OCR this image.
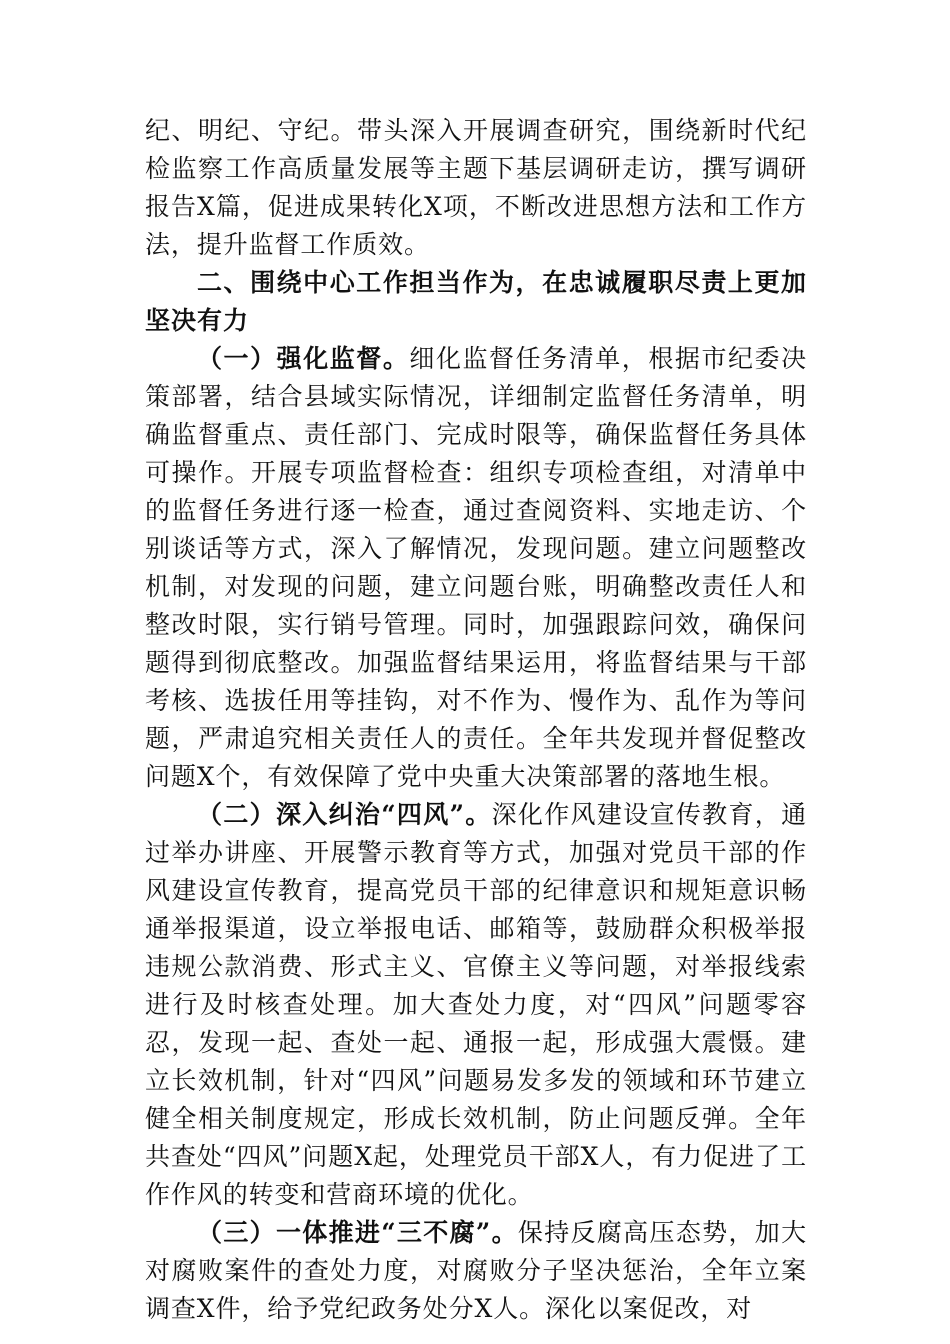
纪、明纪、守纪。带头深入开展调查研究，围绕新时代纪检监察工作高质量发展等主题下基层调研走访，撰写调研报告X篇，促进成果转化X项，不断改进思想方法和工作方法，提升监督工作质效。

二、围绕中心工作担当作为，在忠诚履职尽责上更加坚决有力

（一）强化监督。细化监督任务清单，根据市纪委决策部署，结合县域实际情况，详细制定监督任务清单，明确监督重点、责任部门、完成时限等，确保监督任务具体可操作。开展专项监督检查：组织专项检查组，对清单中的监督任务进行逐一检查，通过查阅资料、实地走访、个别谈话等方式，深入了解情况，发现问题。建立问题整改机制，对发现的问题，建立问题台账，明确整改责任人和整改时限，实行销号管理。同时，加强跟踪问效，确保问题得到彻底整改。加强监督结果运用，将监督结果与干部考核、选拔任用等挂钩，对不作为、慢作为、乱作为等问题，严肃追究相关责任人的责任。全年共发现并督促整改问题X个，有效保障了党中央重大决策部署的落地生根。

（二）深入纠治“四风”。深化作风建设宣传教育，通过举办讲座、开展警示教育等方式，加强对党员干部的作风建设宣传教育，提高党员干部的纪律意识和规矩意识畅通举报渠道，设立举报电话、邮箱等，鼓励群众积极举报违规公款消费、形式主义、官僚主义等问题，对举报线索进行及时核查处理。加大查处力度，对“四风”问题零容忍，发现一起、查处一起、通报一起，形成强大震慑。建立长效机制，针对“四风”问题易发多发的领域和环节建立健全相关制度规定，形成长效机制，防止问题反弹。全年共查处“四风”问题X起，处理党员干部X人，有力促进了工作作风的转变和营商环境的优化。

（三）一体推进“三不腐”。保持反腐高压态势，加大对腐败案件的查处力度，对腐败分子坚决惩治，全年立案调查X件，给予党纪政务处分X人。深化以案促改，对
